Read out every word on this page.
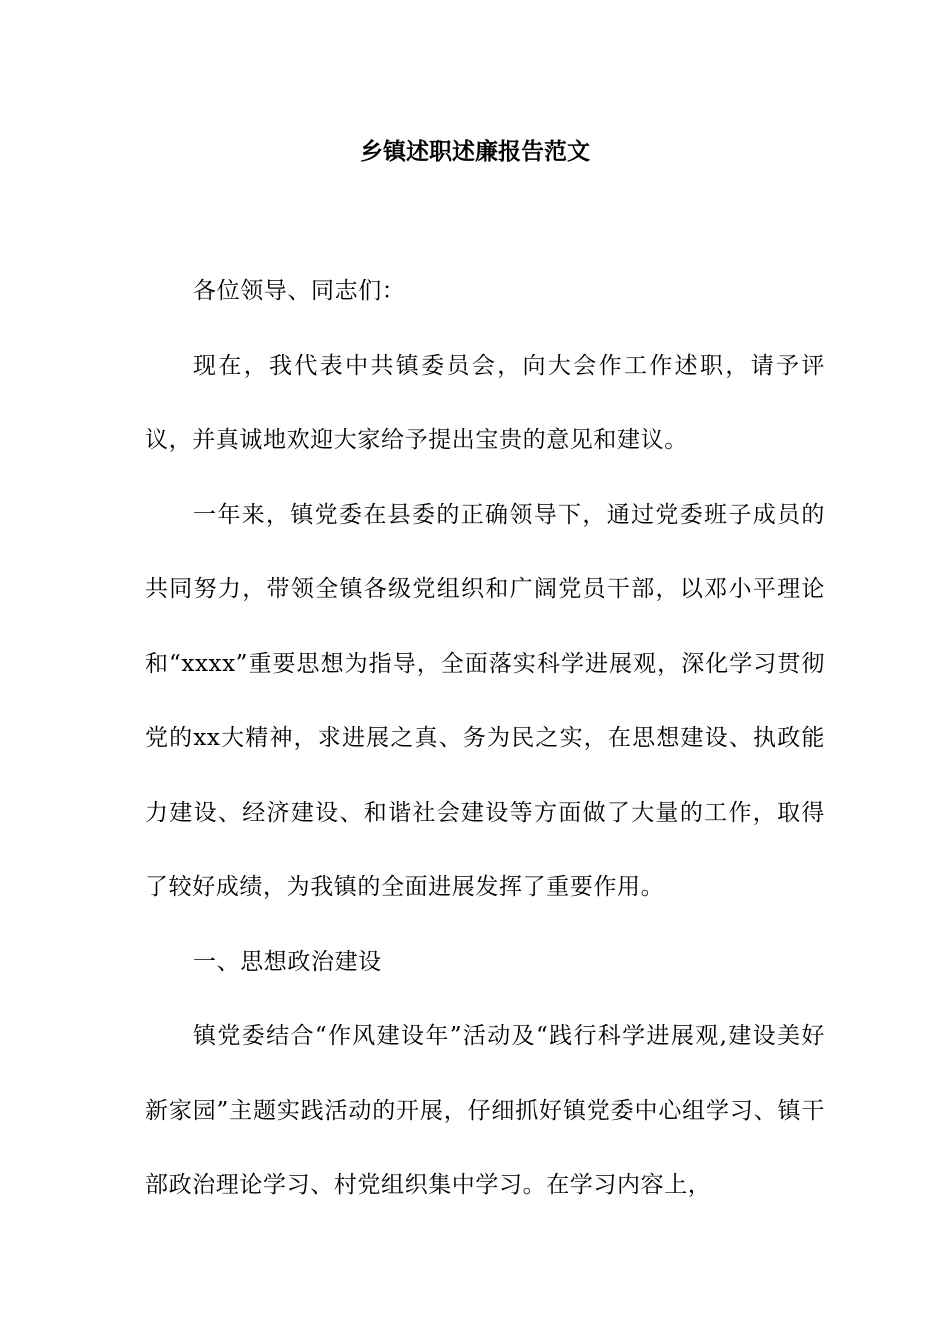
乡镇述职述廉报告范文

各位领导、同志们：

现在，我代表中共镇委员会，向大会作工作述职，请予评议，并真诚地欢迎大家给予提出宝贵的意见和建议。

一年来，镇党委在县委的正确领导下，通过党委班子成员的共同努力，带领全镇各级党组织和广阔党员干部，以邓小平理论和“xxxx”重要思想为指导，全面落实科学进展观，深化学习贯彻党的xx大精神，求进展之真、务为民之实，在思想建设、执政能力建设、经济建设、和谐社会建设等方面做了大量的工作，取得了较好成绩，为我镇的全面进展发挥了重要作用。

一、思想政治建设

镇党委结合“作风建设年”活动及“践行科学进展观,建设美好新家园”主题实践活动的开展，仔细抓好镇党委中心组学习、镇干部政治理论学习、村党组织集中学习。在学习内容上，
